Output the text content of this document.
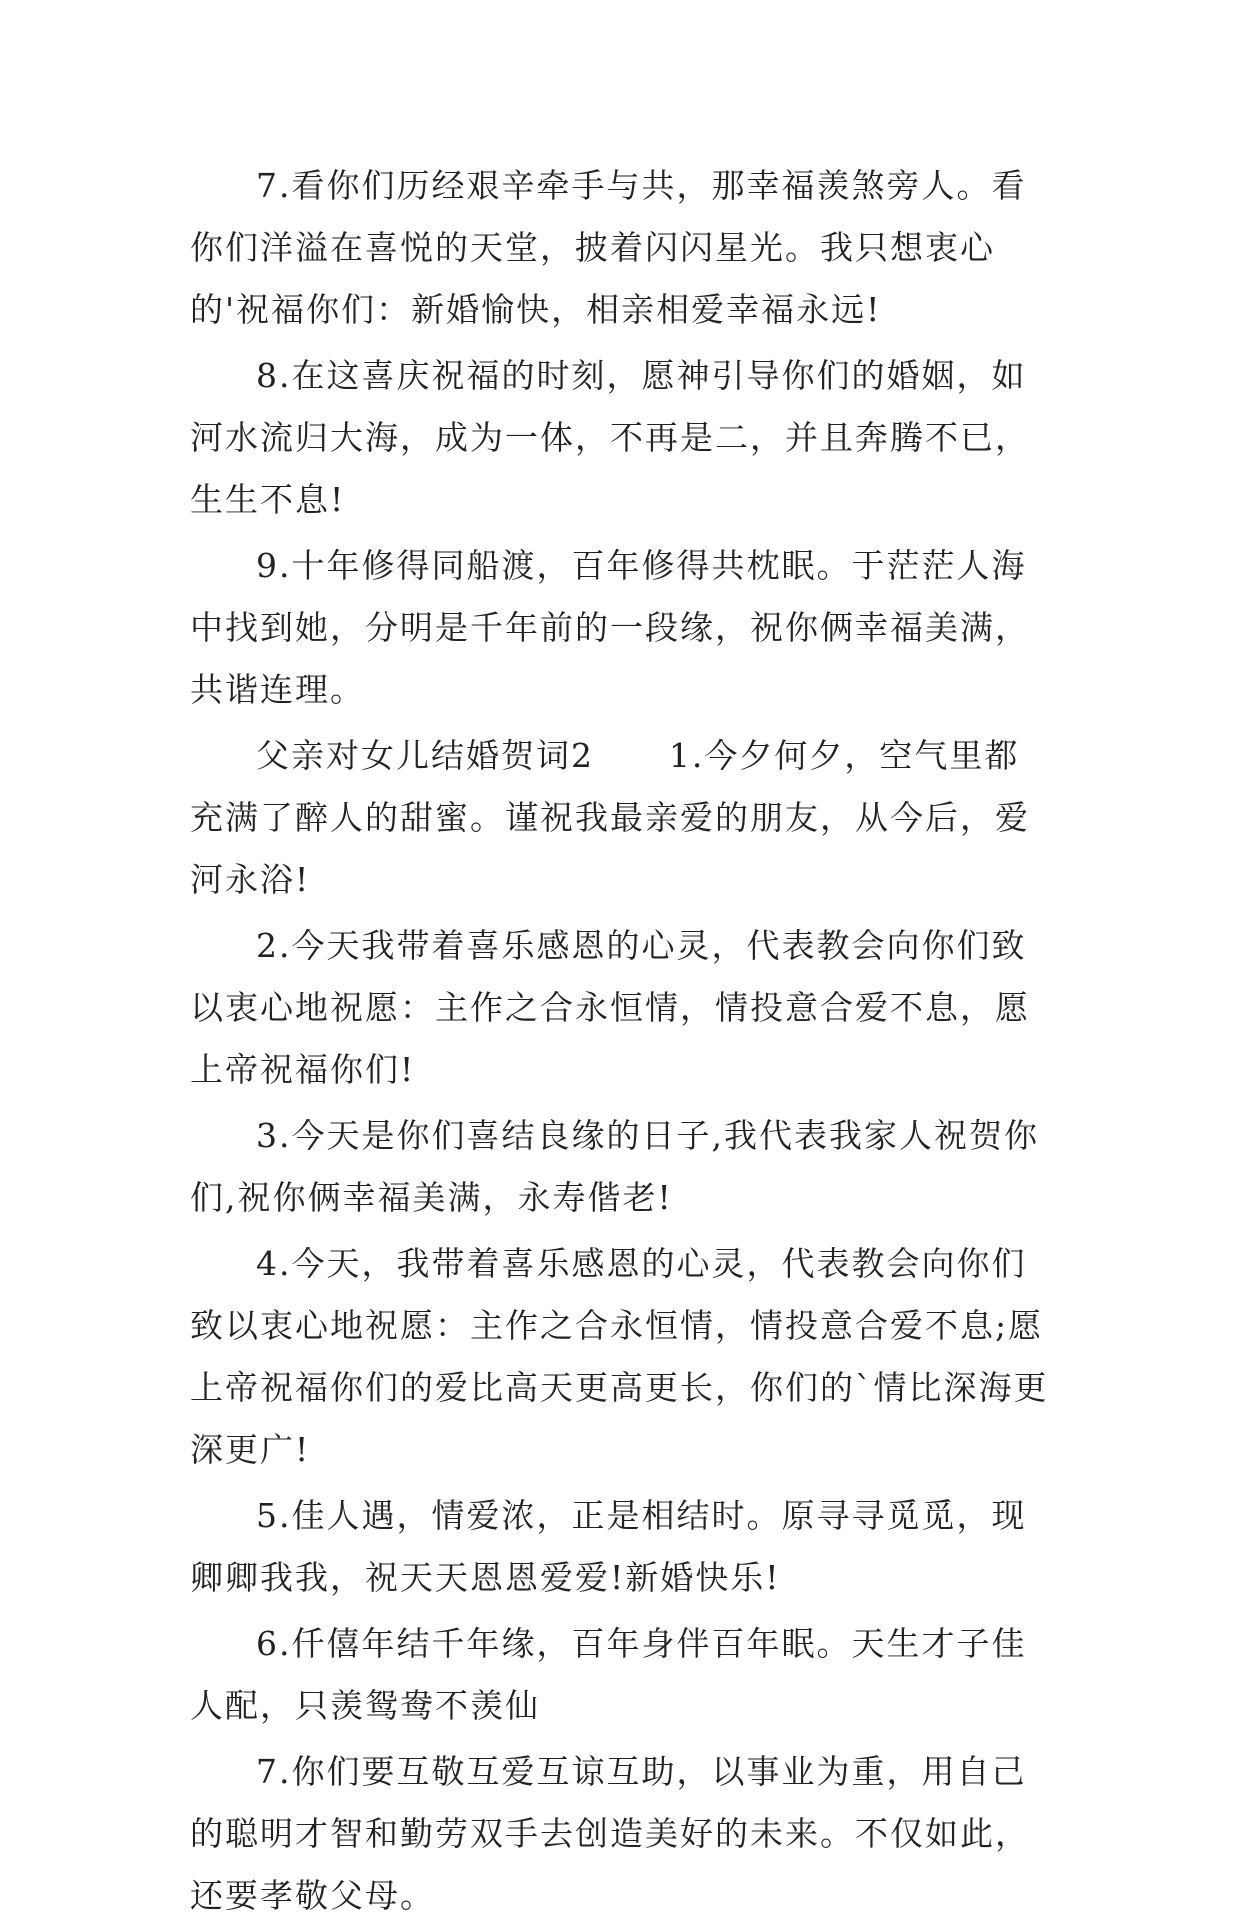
7.看你们历经艰辛牵手与共，那幸福羡煞旁人。看你们洋溢在喜悦的天堂，披着闪闪星光。我只想衷心的'祝福你们：新婚愉快，相亲相爱幸福永远!

8.在这喜庆祝福的时刻，愿神引导你们的婚姻，如河水流归大海，成为一体，不再是二，并且奔腾不已，生生不息!

9.十年修得同船渡，百年修得共枕眠。于茫茫人海中找到她，分明是千年前的一段缘，祝你俩幸福美满，共谐连理。

父亲对女儿结婚贺词2      1.今夕何夕，空气里都充满了醉人的甜蜜。谨祝我最亲爱的朋友，从今后，爱河永浴!

2.今天我带着喜乐感恩的心灵，代表教会向你们致以衷心地祝愿：主作之合永恒情，情投意合爱不息，愿上帝祝福你们!

3.今天是你们喜结良缘的日子,我代表我家人祝贺你们,祝你俩幸福美满，永寿偕老!

4.今天，我带着喜乐感恩的心灵，代表教会向你们致以衷心地祝愿：主作之合永恒情，情投意合爱不息;愿上帝祝福你们的爱比高天更高更长，你们的`情比深海更深更广!

5.佳人遇，情爱浓，正是相结时。原寻寻觅觅，现卿卿我我，祝天天恩恩爱爱!新婚快乐!

6.仟僖年结千年缘，百年身伴百年眠。天生才子佳人配，只羡鸳鸯不羡仙

7.你们要互敬互爱互谅互助，以事业为重，用自己的聪明才智和勤劳双手去创造美好的未来。不仅如此，还要孝敬父母。
